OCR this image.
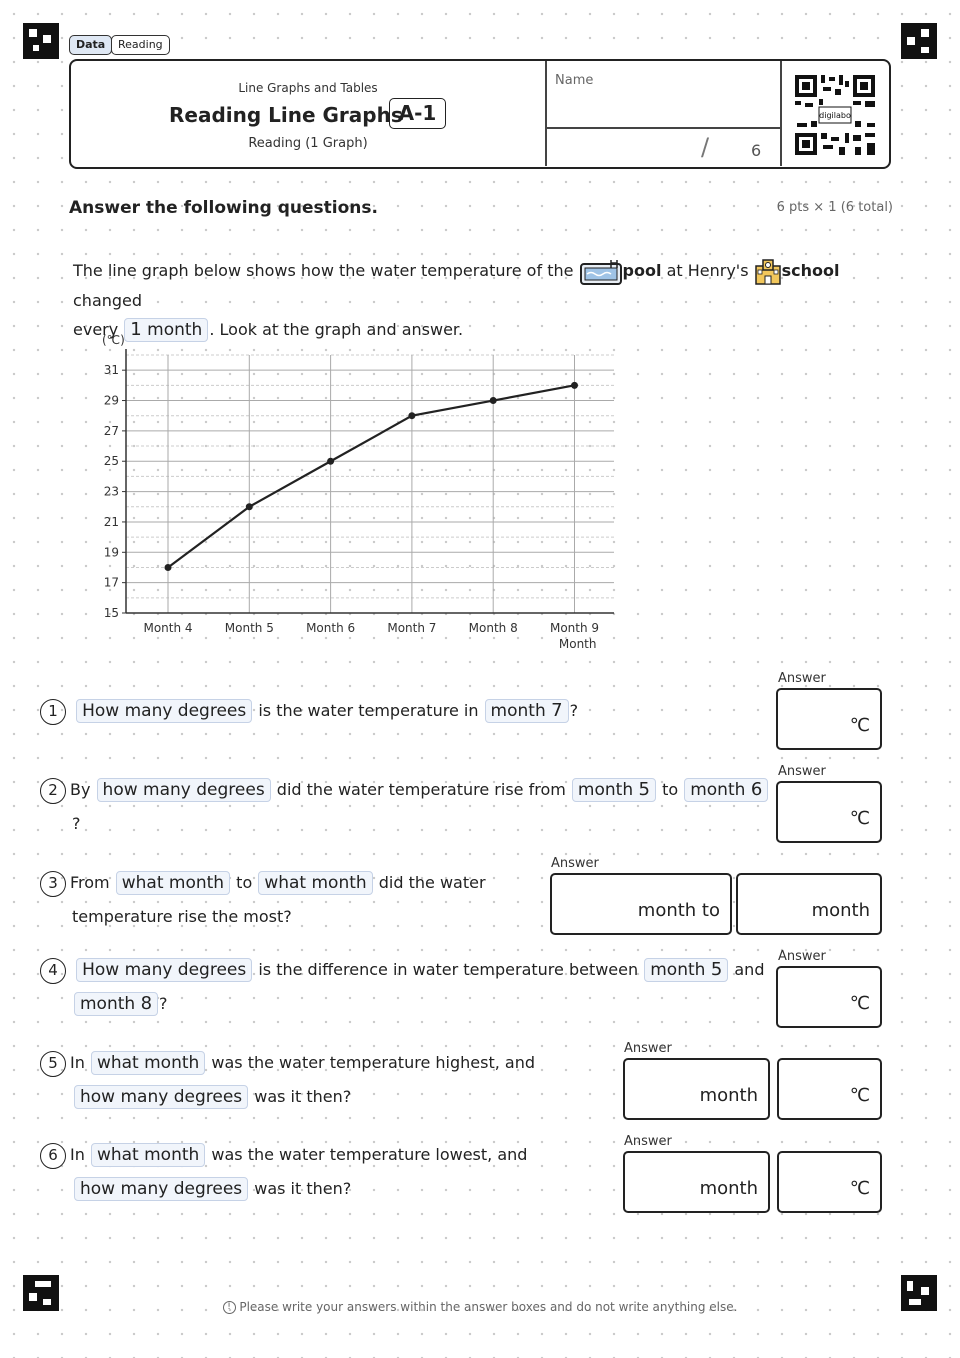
Data	Reading
Line Graphs and Tables
Reading Line Graphs
A-1
Reading (1 Graph)
Name
/	6
digilabo
Answer the following questions.	6 pts × 1 (6 total)
The line graph below shows how the water temperature of the	pool at Henry's school changed
every 1 month . Look at the graph and answer.
31
29
27
25
23
21
19
17
15
(℃)
Month 4	Month 5	Month 6	Month 7	Month 8	Month 9
Month
1 How many degrees is the water temperature in month 7 ?
Answer
℃
2 By how many degrees did the water temperature rise from month 5 to month 6
?
Answer
℃
3 From what month to what month did the water
temperature rise the most?
Answer
month to	month
4 How many degrees is the difference in water temperature between month 5 and
month 8 ?
Answer
℃
5 In what month was the water temperature highest, and
how many degrees was it then?
Answer
month	℃
6 In what month was the water temperature lowest, and
how many degrees was it then?
Answer
month	℃
! Please write your answers within the answer boxes and do not write anything else.
